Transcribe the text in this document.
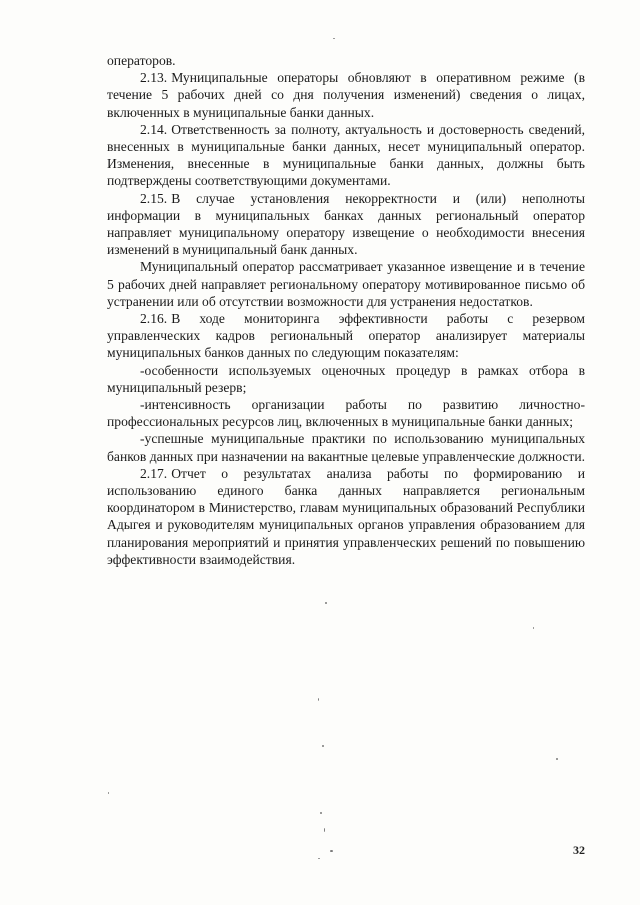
операторов.

2.13. Муниципальные операторы обновляют в оперативном режиме (в течение 5 рабочих дней со дня получения изменений) сведения о лицах, включенных в муниципальные банки данных.

2.14. Ответственность за полноту, актуальность и достоверность сведений, внесенных в муниципальные банки данных, несет муниципальный оператор. Изменения, внесенные в муниципальные банки данных, должны быть подтверждены соответствующими документами.

2.15. В случае установления некорректности и (или) неполноты информации в муниципальных банках данных региональный оператор направляет муниципальному оператору извещение о необходимости внесения изменений в муниципальный банк данных.

Муниципальный оператор рассматривает указанное извещение и в течение 5 рабочих дней направляет региональному оператору мотивированное письмо об устранении или об отсутствии возможности для устранения недостатков.

2.16. В ходе мониторинга эффективности работы с резервом управленческих кадров региональный оператор анализирует материалы муниципальных банков данных по следующим показателям:

-особенности используемых оценочных процедур в рамках отбора в муниципальный резерв;

-интенсивность организации работы по развитию личностно-профессиональных ресурсов лиц, включенных в муниципальные банки данных;

-успешные муниципальные практики по использованию муниципальных банков данных при назначении на вакантные целевые управленческие должности.

2.17. Отчет о результатах анализа работы по формированию и использованию единого банка данных направляется региональным координатором в Министерство, главам муниципальных образований Республики Адыгея и руководителям муниципальных органов управления образованием для планирования мероприятий и принятия управленческих решений по повышению эффективности взаимодействия.

32
